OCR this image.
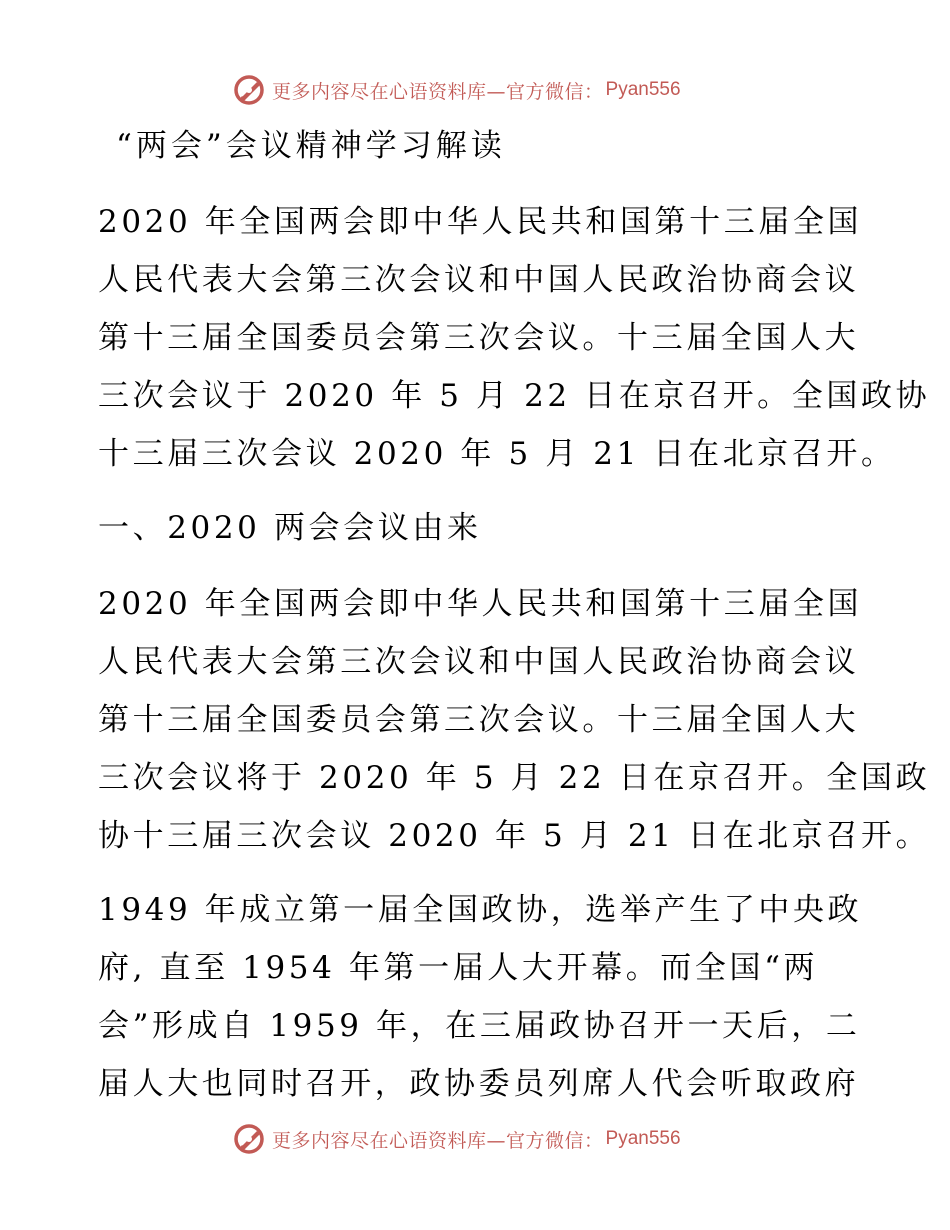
更多内容尽在心语资料库—官方微信： Pyan556
“两会”会议精神学习解读
2020 年全国两会即中华人民共和国第十三届全国
人民代表大会第三次会议和中国人民政治协商会议
第十三届全国委员会第三次会议。十三届全国人大
三次会议于 2020 年 5 月 22 日在京召开。全国政协
十三届三次会议 2020 年 5 月 21 日在北京召开。
一、2020 两会会议由来
2020 年全国两会即中华人民共和国第十三届全国
人民代表大会第三次会议和中国人民政治协商会议
第十三届全国委员会第三次会议。十三届全国人大
三次会议将于 2020 年 5 月 22 日在京召开。全国政
协十三届三次会议 2020 年 5 月 21 日在北京召开。
1949 年成立第一届全国政协，选举产生了中央政
府, 直至 1954 年第一届人大开幕。而全国“两
会”形成自 1959 年，在三届政协召开一天后，二
届人大也同时召开，政协委员列席人代会听取政府
更多内容尽在心语资料库—官方微信： Pyan556
